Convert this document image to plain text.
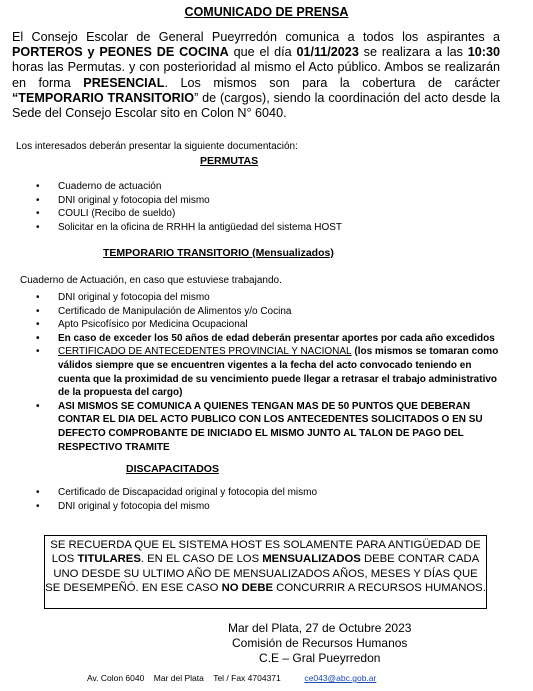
COMUNICADO DE PRENSA
El Consejo Escolar de General Pueyrredón comunica a todos los aspirantes a PORTEROS y PEONES DE COCINA que el día 01/11/2023 se realizara a las 10:30 horas las Permutas. y con posterioridad al mismo el Acto público. Ambos se realizarán en forma PRESENCIAL. Los mismos son para la cobertura de carácter “TEMPORARIO TRANSITORIO” de (cargos), siendo la coordinación del acto desde la Sede del Consejo Escolar sito en Colon N° 6040.
Los interesados deberán presentar la siguiente documentación:
PERMUTAS
• Cuaderno de actuación
• DNI original y fotocopia del mismo
• COULI (Recibo de sueldo)
• Solicitar en la oficina de RRHH la antigüedad del sistema HOST
TEMPORARIO TRANSITORIO (Mensualizados)
Cuaderno de Actuación, en caso que estuviese trabajando.
• DNI original y fotocopia del mismo
• Certificado de Manipulación de Alimentos y/o Cocina
• Apto Psicofísico por Medicina Ocupacional
• En caso de exceder los 50 años de edad deberán presentar aportes por cada año excedidos
• CERTIFICADO DE ANTECEDENTES PROVINCIAL Y NACIONAL (los mismos se tomaran como válidos siempre que se encuentren vigentes a la fecha del acto convocado teniendo en cuenta que la proximidad de su vencimiento puede llegar a retrasar el trabajo administrativo de la propuesta del cargo)
• ASI MISMOS SE COMUNICA A QUIENES TENGAN MAS DE 50 PUNTOS QUE DEBERAN CONTAR EL DIA DEL ACTO PUBLICO CON LOS ANTECEDENTES SOLICITADOS O EN SU DEFECTO COMPROBANTE DE INICIADO EL MISMO JUNTO AL TALON DE PAGO DEL RESPECTIVO TRAMITE
DISCAPACITADOS
• Certificado de Discapacidad original y fotocopia del mismo
• DNI original y fotocopia del mismo
SE RECUERDA QUE EL SISTEMA HOST ES SOLAMENTE PARA ANTIGÜEDAD DE LOS TITULARES. EN EL CASO DE LOS MENSUALIZADOS DEBE CONTAR CADA UNO DESDE SU ULTIMO AÑO DE MENSUALIZADOS AÑOS, MESES Y DÍAS QUE SE DESEMPEÑÓ. EN ESE CASO NO DEBE CONCURRIR A RECURSOS HUMANOS.
Mar del Plata, 27 de Octubre 2023
Comisión de Recursos Humanos
C.E – Gral Pueyrredon
Av. Colon 6040 Mar del Plata Tel / Fax 4704371	ce043@abc.gob.ar
